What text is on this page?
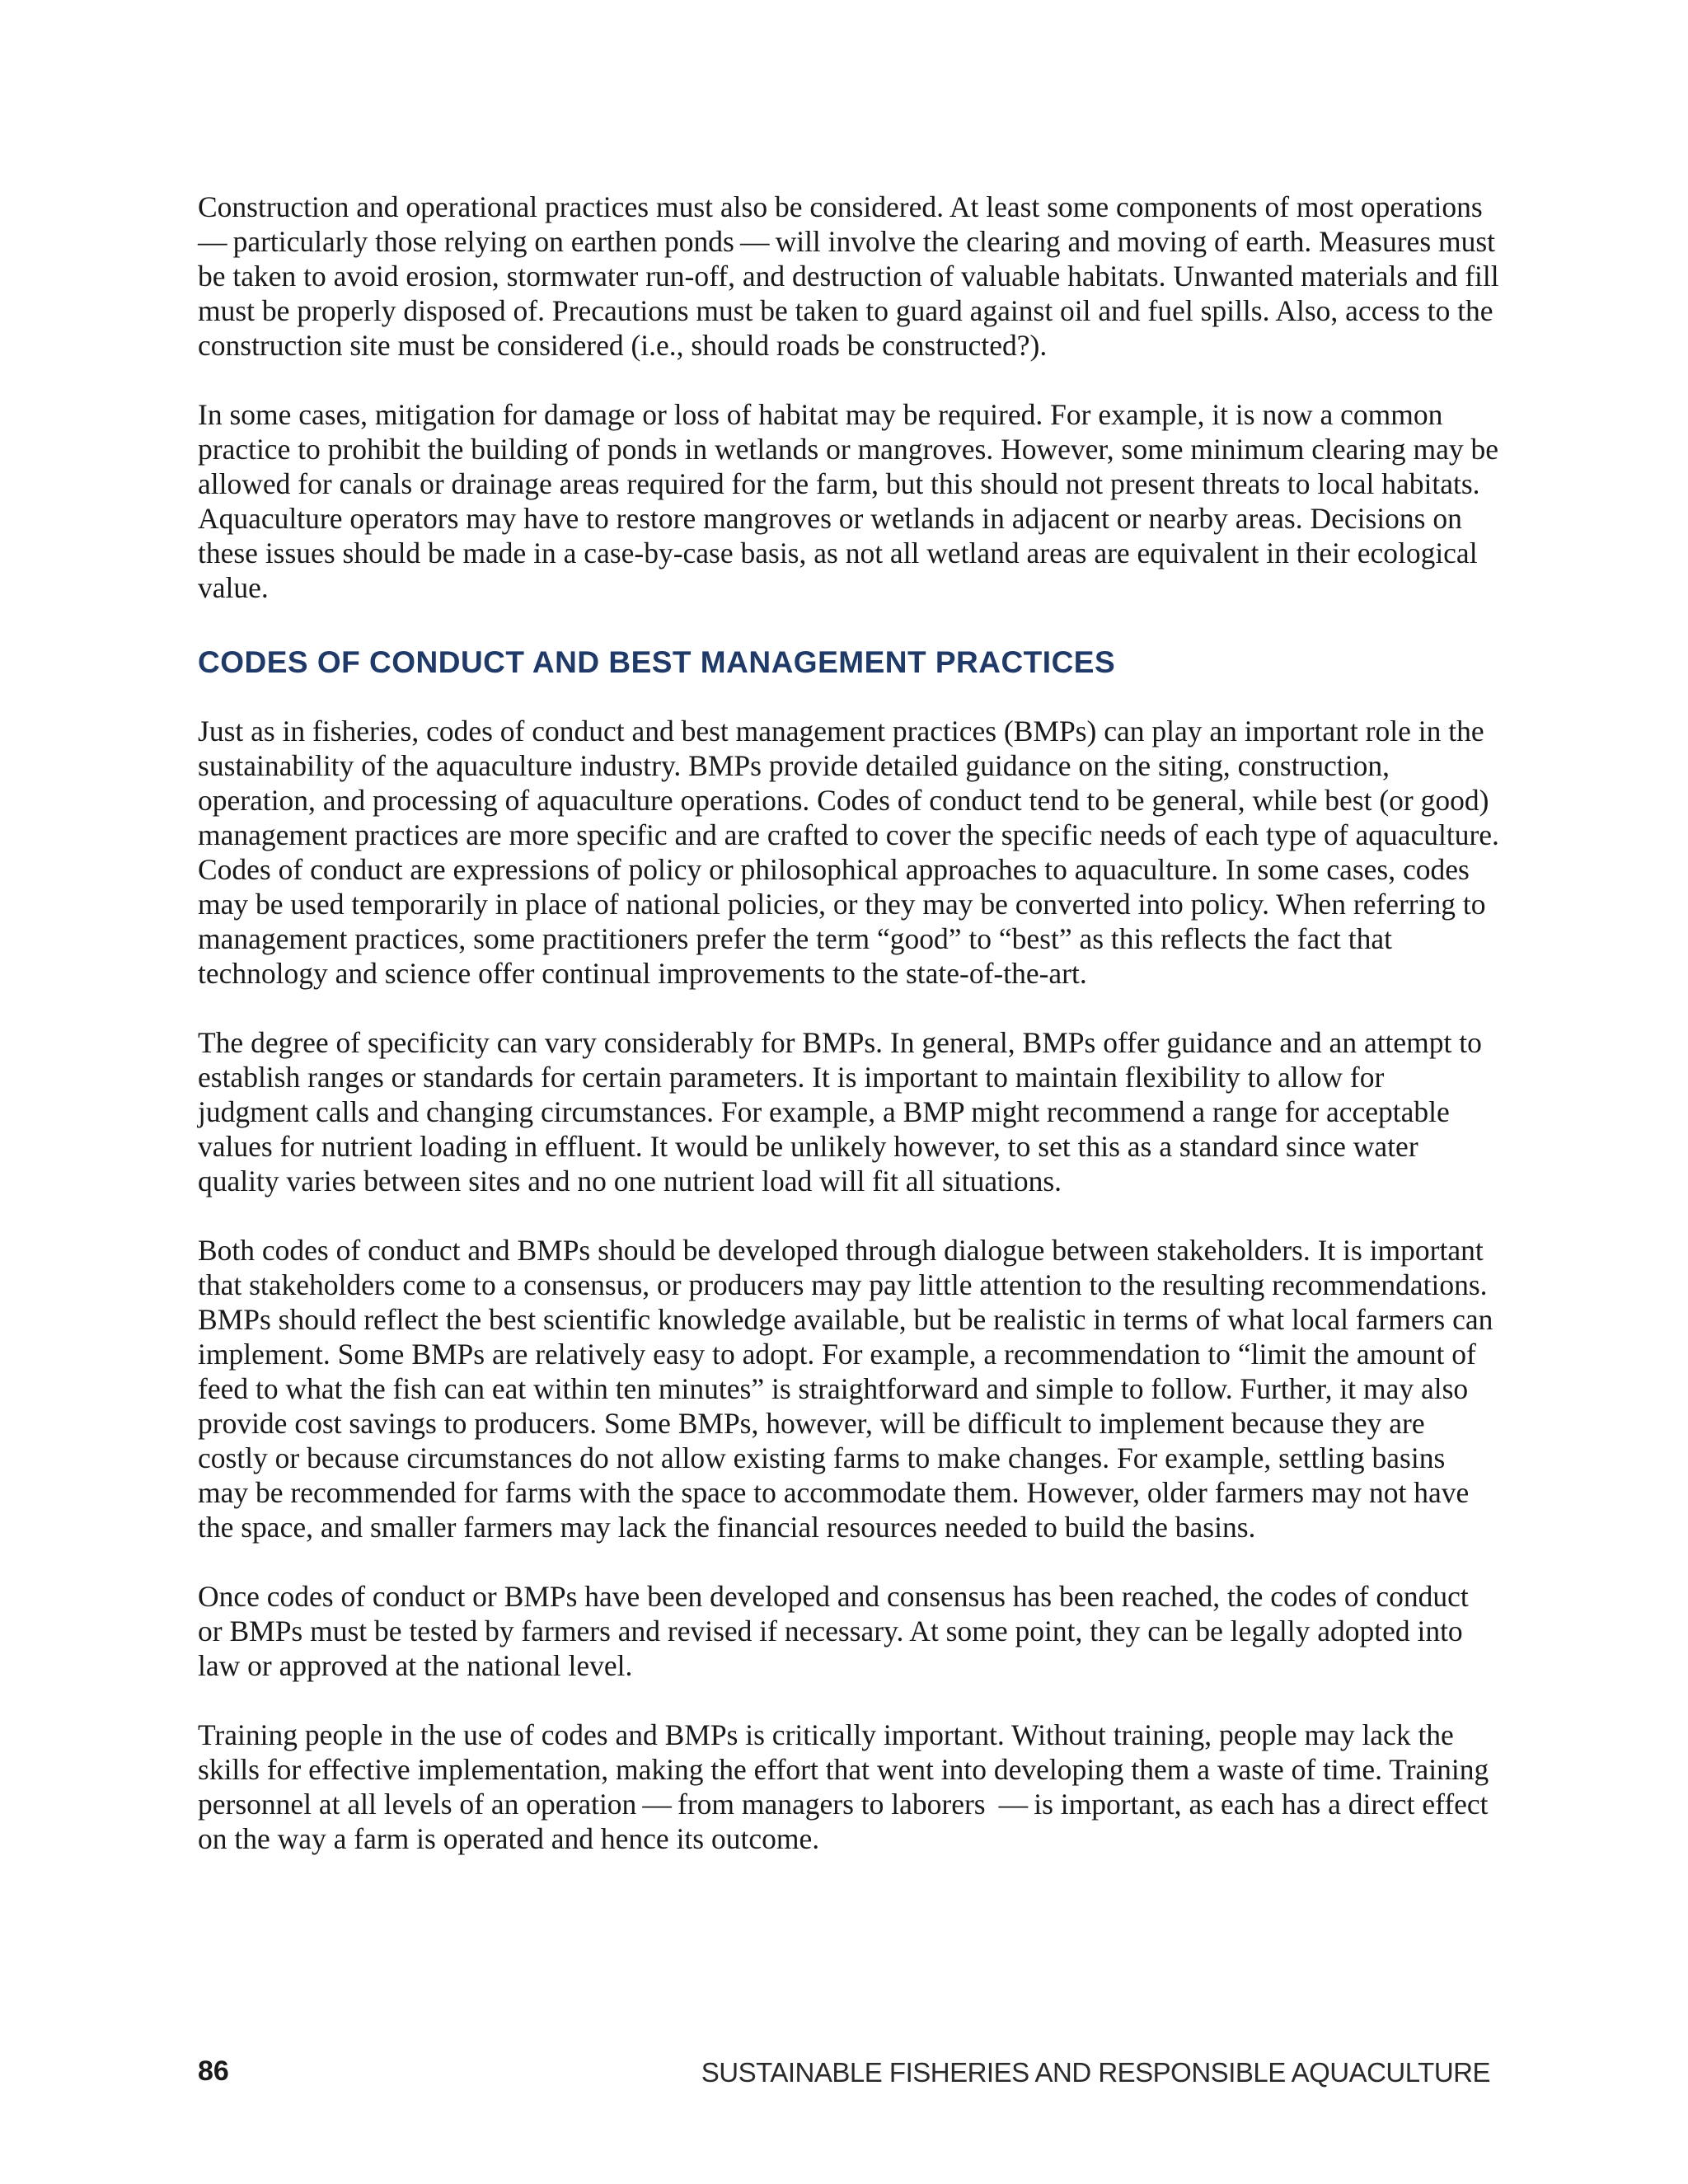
Construction and operational practices must also be considered. At least some components of most operations — particularly those relying on earthen ponds — will involve the clearing and moving of earth. Measures must be taken to avoid erosion, stormwater run-off, and destruction of valuable habitats. Unwanted materials and fill must be properly disposed of. Precautions must be taken to guard against oil and fuel spills. Also, access to the construction site must be considered (i.e., should roads be constructed?).

In some cases, mitigation for damage or loss of habitat may be required. For example, it is now a common practice to prohibit the building of ponds in wetlands or mangroves. However, some minimum clearing may be allowed for canals or drainage areas required for the farm, but this should not present threats to local habitats. Aquaculture operators may have to restore mangroves or wetlands in adjacent or nearby areas. Decisions on these issues should be made in a case-by-case basis, as not all wetland areas are equivalent in their ecological value.

CODES OF CONDUCT AND BEST MANAGEMENT PRACTICES

Just as in fisheries, codes of conduct and best management practices (BMPs) can play an important role in the sustainability of the aquaculture industry. BMPs provide detailed guidance on the siting, construction, operation, and processing of aquaculture operations. Codes of conduct tend to be general, while best (or good) management practices are more specific and are crafted to cover the specific needs of each type of aquaculture. Codes of conduct are expressions of policy or philosophical approaches to aquaculture. In some cases, codes may be used temporarily in place of national policies, or they may be converted into policy. When referring to management practices, some practitioners prefer the term “good” to “best” as this reflects the fact that technology and science offer continual improvements to the state-of-the-art.

The degree of specificity can vary considerably for BMPs. In general, BMPs offer guidance and an attempt to establish ranges or standards for certain parameters. It is important to maintain flexibility to allow for judgment calls and changing circumstances. For example, a BMP might recommend a range for acceptable values for nutrient loading in effluent. It would be unlikely however, to set this as a standard since water quality varies between sites and no one nutrient load will fit all situations.

Both codes of conduct and BMPs should be developed through dialogue between stakeholders. It is important that stakeholders come to a consensus, or producers may pay little attention to the resulting recommendations. BMPs should reflect the best scientific knowledge available, but be realistic in terms of what local farmers can implement. Some BMPs are relatively easy to adopt. For example, a recommendation to “limit the amount of feed to what the fish can eat within ten minutes” is straightforward and simple to follow. Further, it may also provide cost savings to producers. Some BMPs, however, will be difficult to implement because they are costly or because circumstances do not allow existing farms to make changes. For example, settling basins may be recommended for farms with the space to accommodate them. However, older farmers may not have the space, and smaller farmers may lack the financial resources needed to build the basins.

Once codes of conduct or BMPs have been developed and consensus has been reached, the codes of conduct or BMPs must be tested by farmers and revised if necessary. At some point, they can be legally adopted into law or approved at the national level.

Training people in the use of codes and BMPs is critically important. Without training, people may lack the skills for effective implementation, making the effort that went into developing them a waste of time. Training personnel at all levels of an operation — from managers to laborers  — is important, as each has a direct effect on the way a farm is operated and hence its outcome.

86	SUSTAINABLE FISHERIES AND RESPONSIBLE AQUACULTURE
